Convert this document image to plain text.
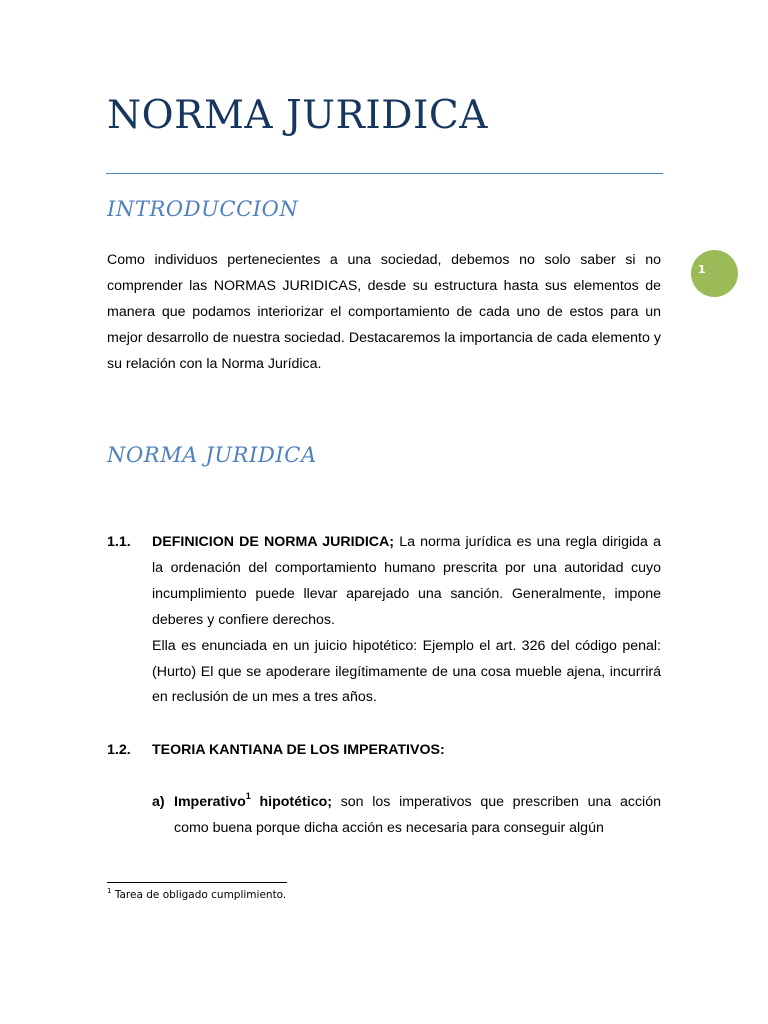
NORMA JURIDICA
1
INTRODUCCION

Como individuos pertenecientes a una sociedad, debemos no solo saber si no comprender las NORMAS JURIDICAS, desde su estructura hasta sus elementos de manera que podamos interiorizar el comportamiento de cada uno de estos para un mejor desarrollo de nuestra sociedad. Destacaremos la importancia de cada elemento y su relación con la Norma Jurídica.

NORMA JURIDICA
1.1. DEFINICION DE NORMA JURIDICA; La norma jurídica es una regla dirigida a la ordenación del comportamiento humano prescrita por una autoridad cuyo incumplimiento puede llevar aparejado una sanción. Generalmente, impone deberes y confiere derechos.

Ella es enunciada en un juicio hipotético: Ejemplo el art. 326 del código penal: (Hurto) El que se apoderare ilegítimamente de una cosa mueble ajena, incurrirá en reclusión de un mes a tres años.

1.2. TEORIA KANTIANA DE LOS IMPERATIVOS:

a) Imperativo$^1$ hipotético; son los imperativos que prescriben una acción como buena porque dicha acción es necesaria para conseguir algún

$^1$ Tarea de obligado cumplimiento.
